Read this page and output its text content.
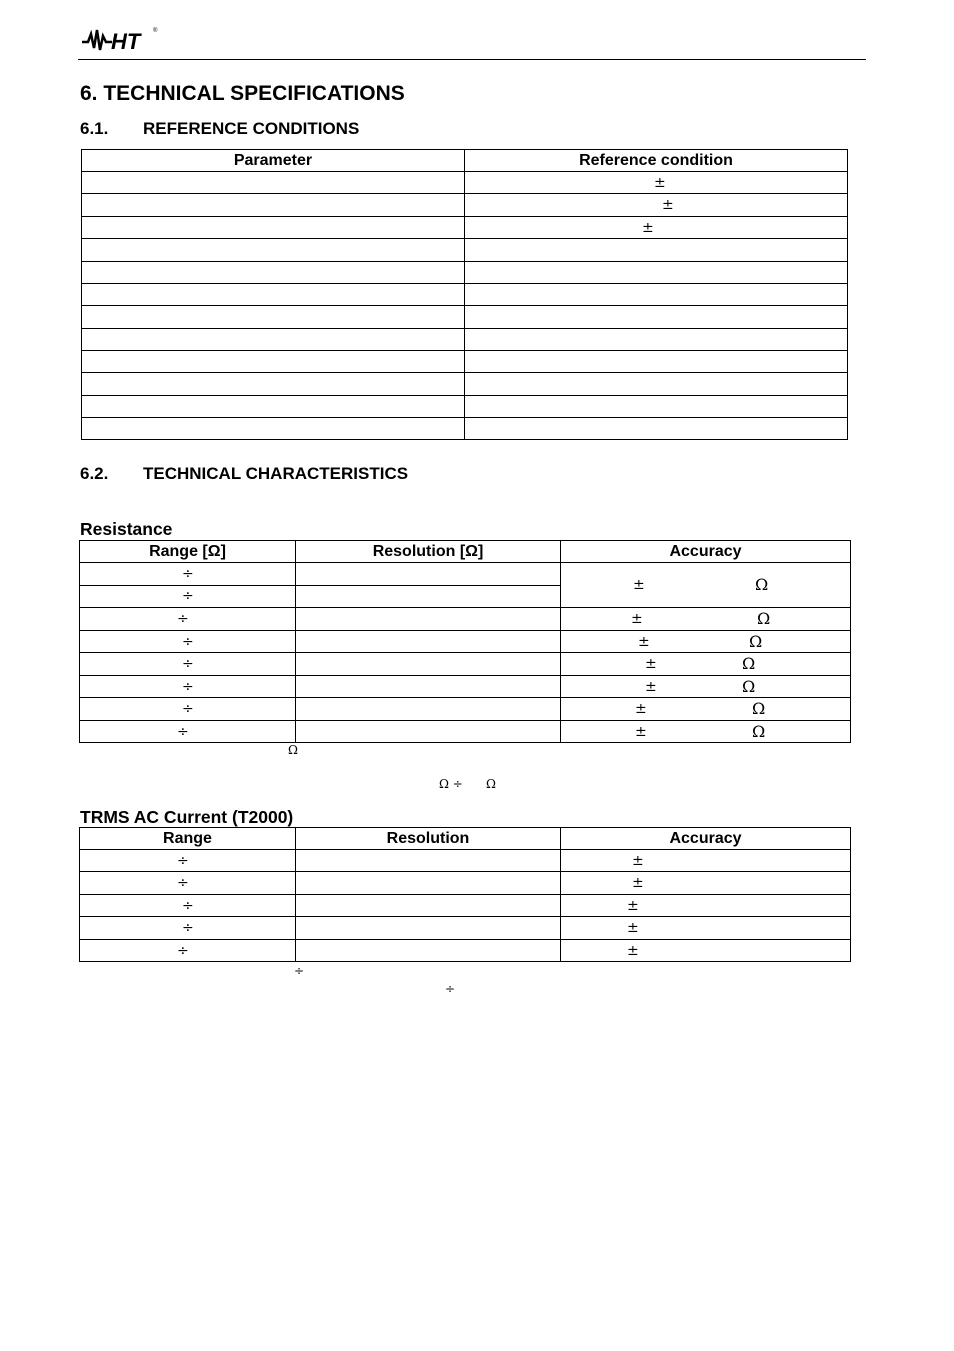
HT ®
6. TECHNICAL SPECIFICATIONS
6.1. REFERENCE CONDITIONS
Parameter	Reference condition

	±

	±

	±

6.2. TECHNICAL CHARACTERISTICS
Resistance
Range [Ω]	Resolution [Ω]	Accuracy

÷		± Ω

÷		

÷		± Ω

÷		± Ω

÷		± Ω

÷		± Ω

÷		± Ω

÷		± Ω
Ω
Ω ÷ Ω
TRMS AC Current (T2000)
Range	Resolution	Accuracy

÷		±

÷		±

÷		±

÷		±

÷		±
÷
÷
